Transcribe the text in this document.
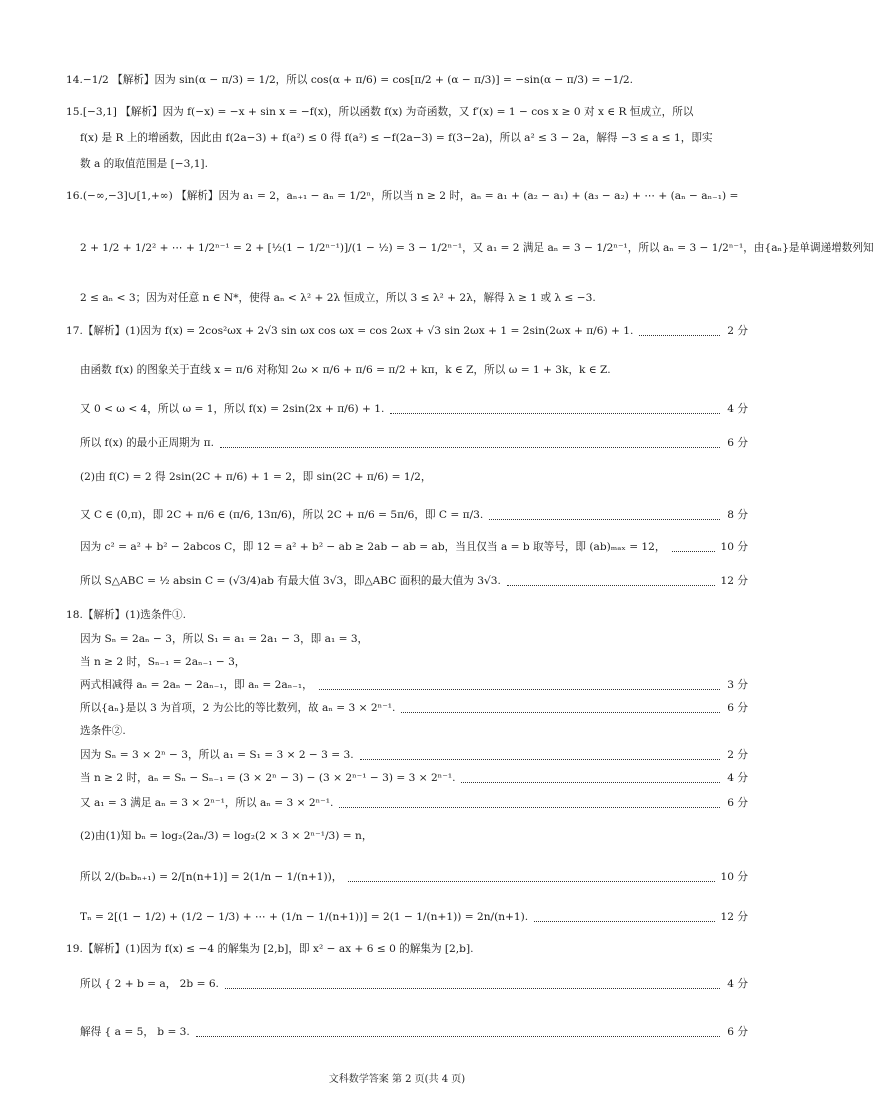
14.−1/2 【解析】因为 sin(α − π/3) = 1/2，所以 cos(α + π/6) = cos[π/2 + (α − π/3)] = −sin(α − π/3) = −1/2.
15.[−3,1] 【解析】因为 f(−x) = −x + sin x = −f(x)，所以函数 f(x) 为奇函数，又 f′(x) = 1 − cos x ≥ 0 对 x ∈ R 恒成立，所以
f(x) 是 R 上的增函数，因此由 f(2a−3) + f(a²) ≤ 0 得 f(a²) ≤ −f(2a−3) = f(3−2a)，所以 a² ≤ 3 − 2a，解得 −3 ≤ a ≤ 1，即实
数 a 的取值范围是 [−3,1].
16.(−∞,−3]∪[1,+∞) 【解析】因为 a₁ = 2，aₙ₊₁ − aₙ = 1/2ⁿ，所以当 n ≥ 2 时，aₙ = a₁ + (a₂ − a₁) + (a₃ − a₂) + ⋯ + (aₙ − aₙ₋₁) =
2 + 1/2 + 1/2² + ⋯ + 1/2ⁿ⁻¹ = 2 + [½(1 − 1/2ⁿ⁻¹)]/(1 − ½) = 3 − 1/2ⁿ⁻¹，又 a₁ = 2 满足 aₙ = 3 − 1/2ⁿ⁻¹，所以 aₙ = 3 − 1/2ⁿ⁻¹，由{aₙ}是单调递增数列知
2 ≤ aₙ < 3；因为对任意 n ∈ N*，使得 aₙ < λ² + 2λ 恒成立，所以 3 ≤ λ² + 2λ，解得 λ ≥ 1 或 λ ≤ −3.
17.【解析】(1)因为 f(x) = 2cos²ωx + 2√3 sin ωx cos ωx = cos 2ωx + √3 sin 2ωx + 1 = 2sin(2ωx + π/6) + 1.	2 分
由函数 f(x) 的图象关于直线 x = π/6 对称知 2ω × π/6 + π/6 = π/2 + kπ，k ∈ Z，所以 ω = 1 + 3k，k ∈ Z.
又 0 < ω < 4，所以 ω = 1，所以 f(x) = 2sin(2x + π/6) + 1.	4 分
所以 f(x) 的最小正周期为 π.	6 分
(2)由 f(C) = 2 得 2sin(2C + π/6) + 1 = 2，即 sin(2C + π/6) = 1/2，
又 C ∈ (0,π)，即 2C + π/6 ∈ (π/6, 13π/6)，所以 2C + π/6 = 5π/6，即 C = π/3.	8 分
因为 c² = a² + b² − 2abcos C，即 12 = a² + b² − ab ≥ 2ab − ab = ab，当且仅当 a = b 取等号，即 (ab)ₘₐₓ = 12，	10 分
所以 S△ABC = ½ absin C = (√3/4)ab 有最大值 3√3，即△ABC 面积的最大值为 3√3.	12 分
18.【解析】(1)选条件①.
因为 Sₙ = 2aₙ − 3，所以 S₁ = a₁ = 2a₁ − 3，即 a₁ = 3，
当 n ≥ 2 时，Sₙ₋₁ = 2aₙ₋₁ − 3，
两式相减得 aₙ = 2aₙ − 2aₙ₋₁，即 aₙ = 2aₙ₋₁，	3 分
所以{aₙ}是以 3 为首项，2 为公比的等比数列，故 aₙ = 3 × 2ⁿ⁻¹.	6 分
选条件②.
因为 Sₙ = 3 × 2ⁿ − 3，所以 a₁ = S₁ = 3 × 2 − 3 = 3.	2 分
当 n ≥ 2 时，aₙ = Sₙ − Sₙ₋₁ = (3 × 2ⁿ − 3) − (3 × 2ⁿ⁻¹ − 3) = 3 × 2ⁿ⁻¹.	4 分
又 a₁ = 3 满足 aₙ = 3 × 2ⁿ⁻¹，所以 aₙ = 3 × 2ⁿ⁻¹.	6 分
(2)由(1)知 bₙ = log₂(2aₙ/3) = log₂(2 × 3 × 2ⁿ⁻¹/3) = n，
所以 2/(bₙbₙ₊₁) = 2/[n(n+1)] = 2(1/n − 1/(n+1))，	10 分
Tₙ = 2[(1 − 1/2) + (1/2 − 1/3) + ⋯ + (1/n − 1/(n+1))] = 2(1 − 1/(n+1)) = 2n/(n+1).	12 分
19.【解析】(1)因为 f(x) ≤ −4 的解集为 [2,b]，即 x² − ax + 6 ≤ 0 的解集为 [2,b].
所以 { 2 + b = a， 2b = 6.	4 分
解得 { a = 5， b = 3.	6 分
文科数学答案 第 2 页(共 4 页)
